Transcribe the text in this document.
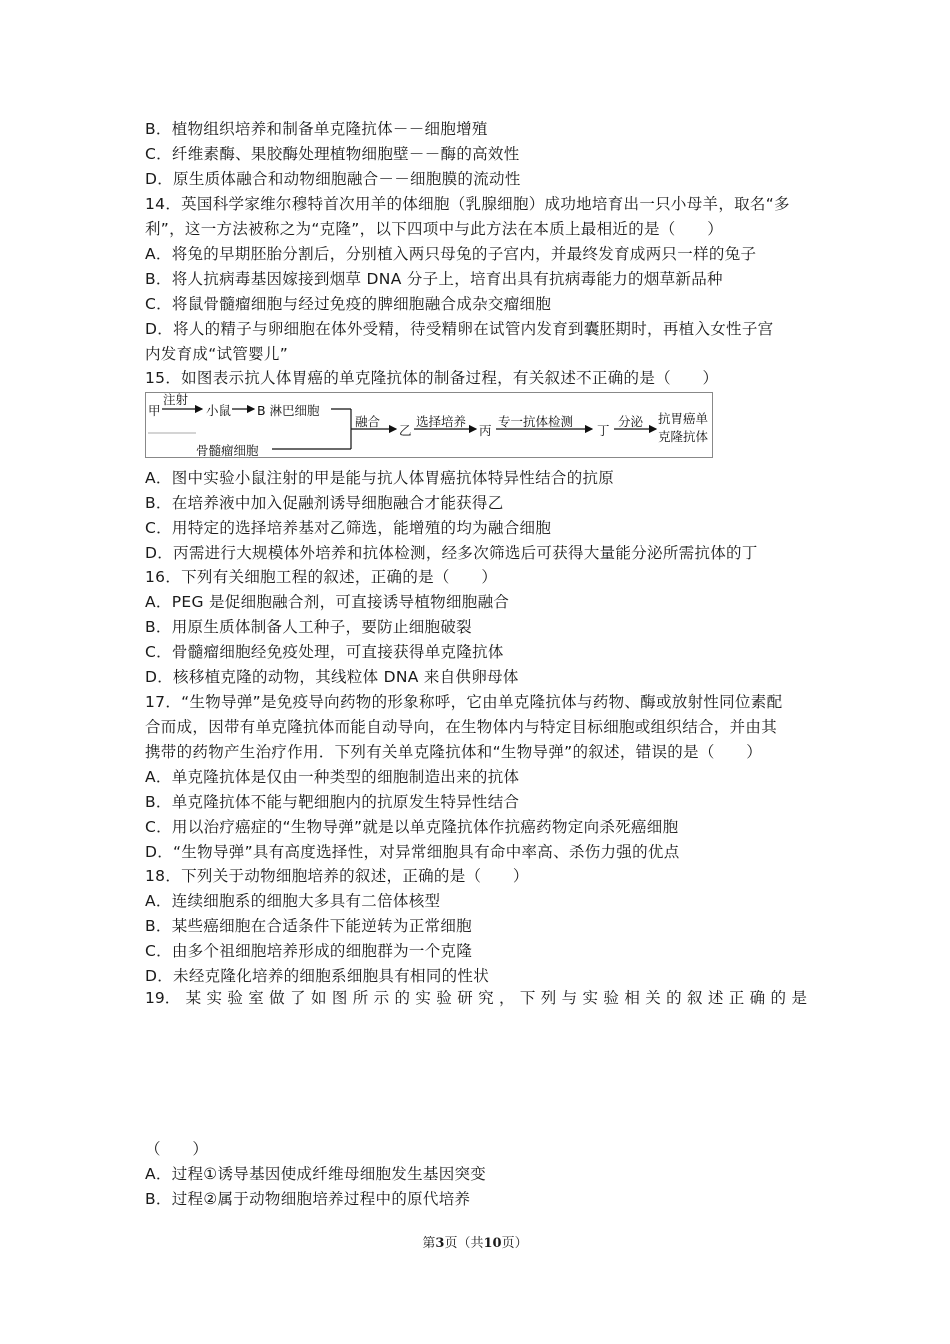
B．植物组织培养和制备单克隆抗体－－细胞增殖
C．纤维素酶、果胶酶处理植物细胞壁－－酶的高效性
D．原生质体融合和动物细胞融合－－细胞膜的流动性
14．英国科学家维尔穆特首次用羊的体细胞（乳腺细胞）成功地培育出一只小母羊，取名“多
利”，这一方法被称之为“克隆”，以下四项中与此方法在本质上最相近的是（　　）
A．将兔的早期胚胎分割后，分别植入两只母兔的子宫内，并最终发育成两只一样的兔子
B．将人抗病毒基因嫁接到烟草 DNA 分子上，培育出具有抗病毒能力的烟草新品种
C．将鼠骨髓瘤细胞与经过免疫的脾细胞融合成杂交瘤细胞
D．将人的精子与卵细胞在体外受精，待受精卵在试管内发育到囊胚期时，再植入女性子宫
内发育成“试管婴儿”
15．如图表示抗人体胃癌的单克隆抗体的制备过程，有关叙述不正确的是（　　）
A．图中实验小鼠注射的甲是能与抗人体胃癌抗体特异性结合的抗原
B．在培养液中加入促融剂诱导细胞融合才能获得乙
C．用特定的选择培养基对乙筛选，能增殖的均为融合细胞
D．丙需进行大规模体外培养和抗体检测，经多次筛选后可获得大量能分泌所需抗体的丁
16．下列有关细胞工程的叙述，正确的是（　　）
A．PEG 是促细胞融合剂，可直接诱导植物细胞融合
B．用原生质体制备人工种子，要防止细胞破裂
C．骨髓瘤细胞经免疫处理，可直接获得单克隆抗体
D．核移植克隆的动物，其线粒体 DNA 来自供卵母体
17．“生物导弹”是免疫导向药物的形象称呼，它由单克隆抗体与药物、酶或放射性同位素配
合而成，因带有单克隆抗体而能自动导向，在生物体内与特定目标细胞或组织结合，并由其
携带的药物产生治疗作用．下列有关单克隆抗体和“生物导弹”的叙述，错误的是（　　）
A．单克隆抗体是仅由一种类型的细胞制造出来的抗体
B．单克隆抗体不能与靶细胞内的抗原发生特异性结合
C．用以治疗癌症的“生物导弹”就是以单克隆抗体作抗癌药物定向杀死癌细胞
D．“生物导弹”具有高度选择性，对异常细胞具有命中率高、杀伤力强的优点
18．下列关于动物细胞培养的叙述，正确的是（　　）
A．连续细胞系的细胞大多具有二倍体核型
B．某些癌细胞在合适条件下能逆转为正常细胞
C．由多个祖细胞培养形成的细胞群为一个克隆
D．未经克隆化培养的细胞系细胞具有相同的性状
甲
注射
小鼠 B 淋巴细胞
骨髓瘤细胞
融合
乙
选择培养
丙
专一抗体检测
丁
分泌 抗胃癌单
克隆抗体
19． 某 实 验 室 做 了 如 图 所 示 的 实 验 研 究 ， 下 列 与 实 验 相 关 的 叙 述 正 确 的 是
（　　）
A．过程①诱导基因使成纤维母细胞发生基因突变
B．过程②属于动物细胞培养过程中的原代培养
第3页（共10页）
